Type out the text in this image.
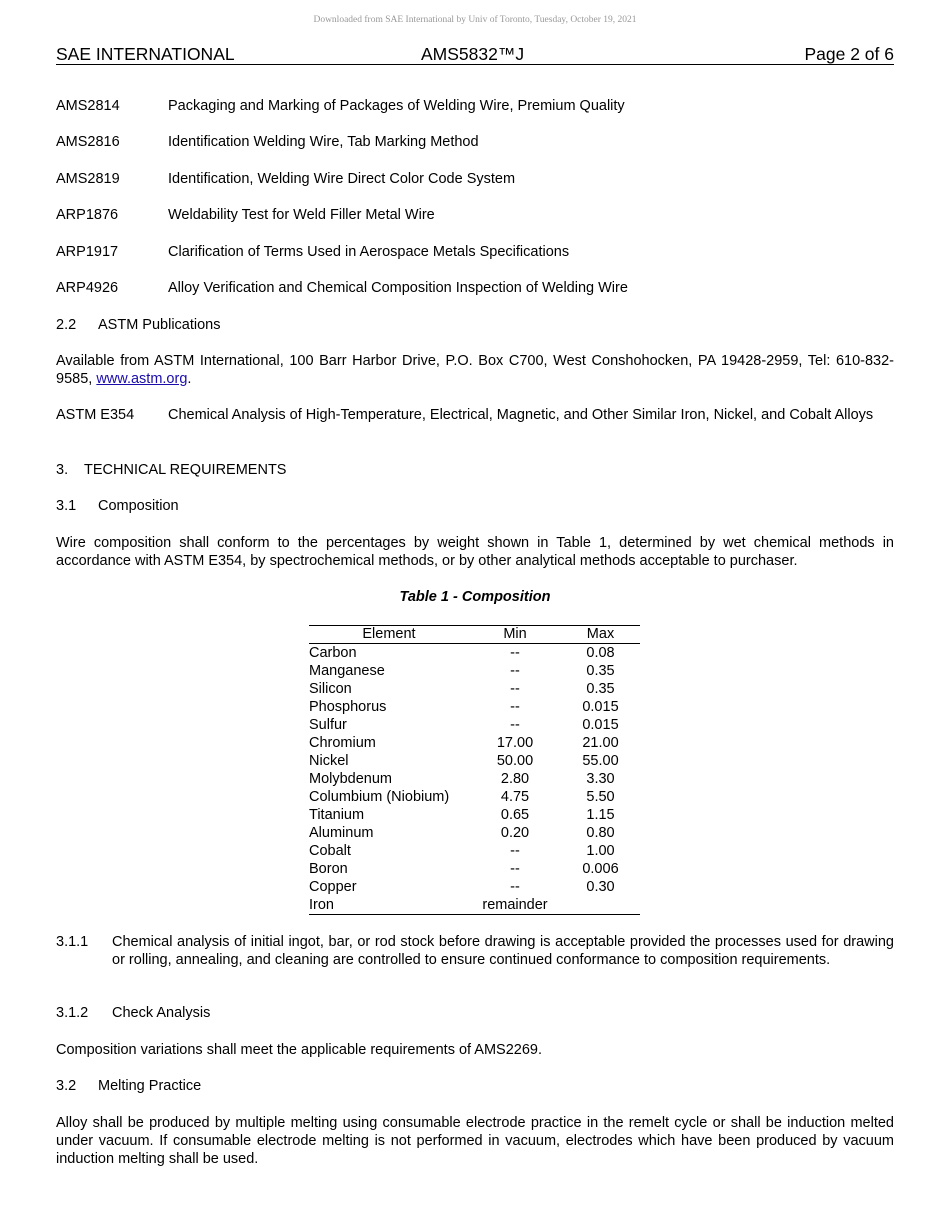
Downloaded from SAE International by Univ of Toronto, Tuesday, October 19, 2021
SAE INTERNATIONAL	AMS5832™J	Page 2 of 6
AMS2814	Packaging and Marking of Packages of Welding Wire, Premium Quality
AMS2816	Identification Welding Wire, Tab Marking Method
AMS2819	Identification, Welding Wire Direct Color Code System
ARP1876	Weldability Test for Weld Filler Metal Wire
ARP1917	Clarification of Terms Used in Aerospace Metals Specifications
ARP4926	Alloy Verification and Chemical Composition Inspection of Welding Wire
2.2 ASTM Publications
Available from ASTM International, 100 Barr Harbor Drive, P.O. Box C700, West Conshohocken, PA 19428-2959, Tel: 610-832-9585, www.astm.org.
ASTM E354 Chemical Analysis of High-Temperature, Electrical, Magnetic, and Other Similar Iron, Nickel, and Cobalt Alloys
3. TECHNICAL REQUIREMENTS
3.1 Composition
Wire composition shall conform to the percentages by weight shown in Table 1, determined by wet chemical methods in accordance with ASTM E354, by spectrochemical methods, or by other analytical methods acceptable to purchaser.
Table 1 - Composition
Element	Min	Max
Carbon	--	0.08
Manganese	--	0.35
Silicon	--	0.35
Phosphorus	--	0.015
Sulfur	--	0.015
Chromium	17.00	21.00
Nickel	50.00	55.00
Molybdenum	2.80	3.30
Columbium (Niobium)	4.75	5.50
Titanium	0.65	1.15
Aluminum	0.20	0.80
Cobalt	--	1.00
Boron	--	0.006
Copper	--	0.30
Iron	remainder	
3.1.1 Chemical analysis of initial ingot, bar, or rod stock before drawing is acceptable provided the processes used for drawing or rolling, annealing, and cleaning are controlled to ensure continued conformance to composition requirements.
3.1.2 Check Analysis
Composition variations shall meet the applicable requirements of AMS2269.
3.2 Melting Practice
Alloy shall be produced by multiple melting using consumable electrode practice in the remelt cycle or shall be induction melted under vacuum. If consumable electrode melting is not performed in vacuum, electrodes which have been produced by vacuum induction melting shall be used.
